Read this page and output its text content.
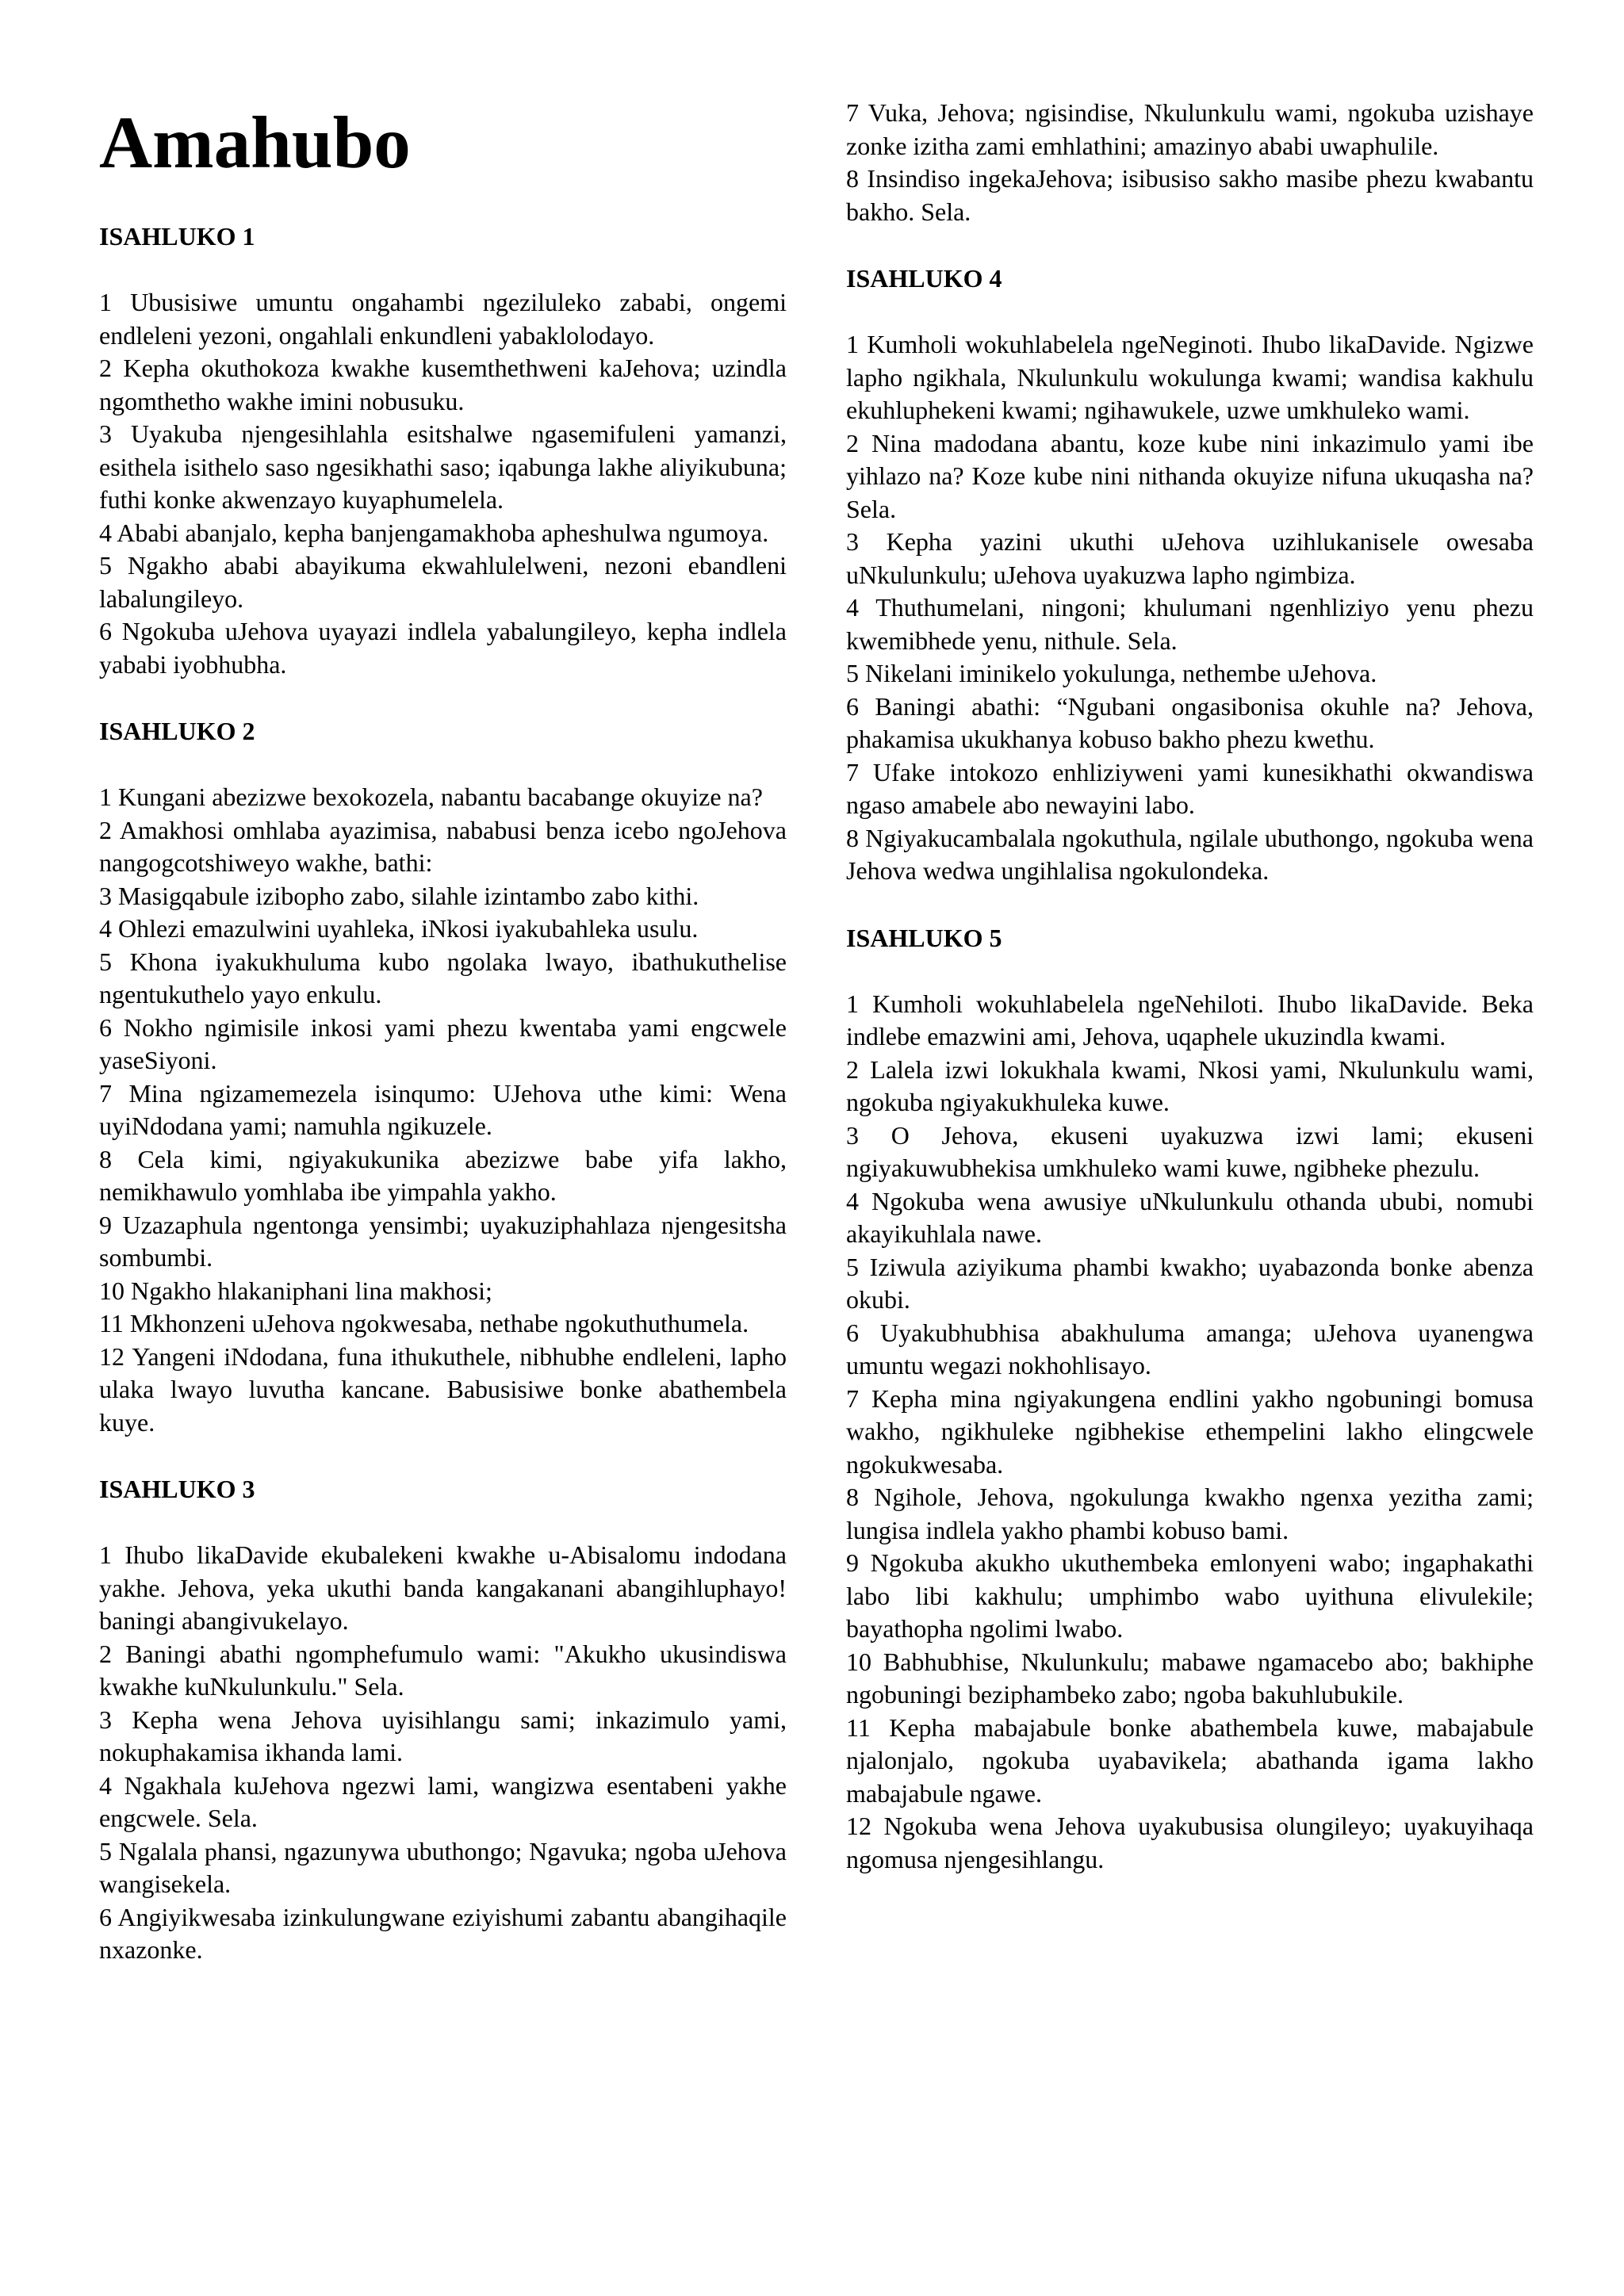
Amahubo
ISAHLUKO 1

1 Ubusisiwe umuntu ongahambi ngeziluleko zababi, ongemi endleleni yezoni, ongahlali enkundleni yabaklolodayo.

2 Kepha okuthokoza kwakhe kusemthethweni kaJehova; uzindla ngomthetho wakhe imini nobusuku.

3 Uyakuba njengesihlahla esitshalwe ngasemifuleni yamanzi, esithela isithelo saso ngesikhathi saso; iqabunga lakhe aliyikubuna; futhi konke akwenzayo kuyaphumelela.

4 Ababi abanjalo, kepha banjengamakhoba apheshulwa ngumoya.

5 Ngakho ababi abayikuma ekwahlulelweni, nezoni ebandleni labalungileyo.

6 Ngokuba uJehova uyayazi indlela yabalungileyo, kepha indlela yababi iyobhubha.

ISAHLUKO 2

1 Kungani abezizwe bexokozela, nabantu bacabange okuyize na?

2 Amakhosi omhlaba ayazimisa, nababusi benza icebo ngoJehova nangogcotshiweyo wakhe, bathi:

3 Masigqabule izibopho zabo, silahle izintambo zabo kithi.

4 Ohlezi emazulwini uyahleka, iNkosi iyakubahleka usulu.

5 Khona iyakukhuluma kubo ngolaka lwayo, ibathukuthelise ngentukuthelo yayo enkulu.

6 Nokho ngimisile inkosi yami phezu kwentaba yami engcwele yaseSiyoni.

7 Mina ngizamemezela isinqumo: UJehova uthe kimi: Wena uyiNdodana yami; namuhla ngikuzele.

8 Cela kimi, ngiyakukunika abezizwe babe yifa lakho, nemikhawulo yomhlaba ibe yimpahla yakho.

9 Uzazaphula ngentonga yensimbi; uyakuziphahlaza njengesitsha sombumbi.

10 Ngakho hlakaniphani lina makhosi;

11 Mkhonzeni uJehova ngokwesaba, nethabe ngokuthuthumela.

12 Yangeni iNdodana, funa ithukuthele, nibhubhe endleleni, lapho ulaka lwayo luvutha kancane. Babusisiwe bonke abathembela kuye.

ISAHLUKO 3

1 Ihubo likaDavide ekubalekeni kwakhe u-Abisalomu indodana yakhe. Jehova, yeka ukuthi banda kangakanani abangihluphayo! baningi abangivukelayo.

2 Baningi abathi ngomphefumulo wami: "Akukho ukusindiswa kwakhe kuNkulunkulu." Sela.

3 Kepha wena Jehova uyisihlangu sami; inkazimulo yami, nokuphakamisa ikhanda lami.

4 Ngakhala kuJehova ngezwi lami, wangizwa esentabeni yakhe engcwele. Sela.

5 Ngalala phansi, ngazunywa ubuthongo; Ngavuka; ngoba uJehova wangisekela.

6 Angiyikwesaba izinkulungwane eziyishumi zabantu abangihaqile nxazonke.

7 Vuka, Jehova; ngisindise, Nkulunkulu wami, ngokuba uzishaye zonke izitha zami emhlathini; amazinyo ababi uwaphulile.

8 Insindiso ingekaJehova; isibusiso sakho masibe phezu kwabantu bakho. Sela.

ISAHLUKO 4

1 Kumholi wokuhlabelela ngeNeginoti. Ihubo likaDavide. Ngizwe lapho ngikhala, Nkulunkulu wokulunga kwami; wandisa kakhulu ekuhluphekeni kwami; ngihawukele, uzwe umkhuleko wami.

2 Nina madodana abantu, koze kube nini inkazimulo yami ibe yihlazo na? Koze kube nini nithanda okuyize nifuna ukuqasha na? Sela.

3 Kepha yazini ukuthi uJehova uzihlukanisele owesaba uNkulunkulu; uJehova uyakuzwa lapho ngimbiza.

4 Thuthumelani, ningoni; khulumani ngenhliziyo yenu phezu kwemibhede yenu, nithule. Sela.

5 Nikelani iminikelo yokulunga, nethembe uJehova.

6 Baningi abathi: “Ngubani ongasibonisa okuhle na? Jehova, phakamisa ukukhanya kobuso bakho phezu kwethu.

7 Ufake intokozo enhliziyweni yami kunesikhathi okwandiswa ngaso amabele abo newayini labo.

8 Ngiyakucambalala ngokuthula, ngilale ubuthongo, ngokuba wena Jehova wedwa ungihlalisa ngokulondeka.

ISAHLUKO 5

1 Kumholi wokuhlabelela ngeNehiloti. Ihubo likaDavide. Beka indlebe emazwini ami, Jehova, uqaphele ukuzindla kwami.

2 Lalela izwi lokukhala kwami, Nkosi yami, Nkulunkulu wami, ngokuba ngiyakukhuleka kuwe.

3 O Jehova, ekuseni uyakuzwa izwi lami; ekuseni ngiyakuwubhekisa umkhuleko wami kuwe, ngibheke phezulu.

4 Ngokuba wena awusiye uNkulunkulu othanda ububi, nomubi akayikuhlala nawe.

5 Iziwula aziyikuma phambi kwakho; uyabazonda bonke abenza okubi.

6 Uyakubhubhisa abakhuluma amanga; uJehova uyanengwa umuntu wegazi nokhohlisayo.

7 Kepha mina ngiyakungena endlini yakho ngobuningi bomusa wakho, ngikhuleke ngibhekise ethempelini lakho elingcwele ngokukwesaba.

8 Ngihole, Jehova, ngokulunga kwakho ngenxa yezitha zami; lungisa indlela yakho phambi kobuso bami.

9 Ngokuba akukho ukuthembeka emlonyeni wabo; ingaphakathi labo libi kakhulu; umphimbo wabo uyithuna elivulekile; bayathopha ngolimi lwabo.

10 Babhubhise, Nkulunkulu; mabawe ngamacebo abo; bakhiphe ngobuningi beziphambeko zabo; ngoba bakuhlubukile.

11 Kepha mabajabule bonke abathembela kuwe, mabajabule njalonjalo, ngokuba uyabavikela; abathanda igama lakho mabajabule ngawe.

12 Ngokuba wena Jehova uyakubusisa olungileyo; uyakuyihaqa ngomusa njengesihlangu.
